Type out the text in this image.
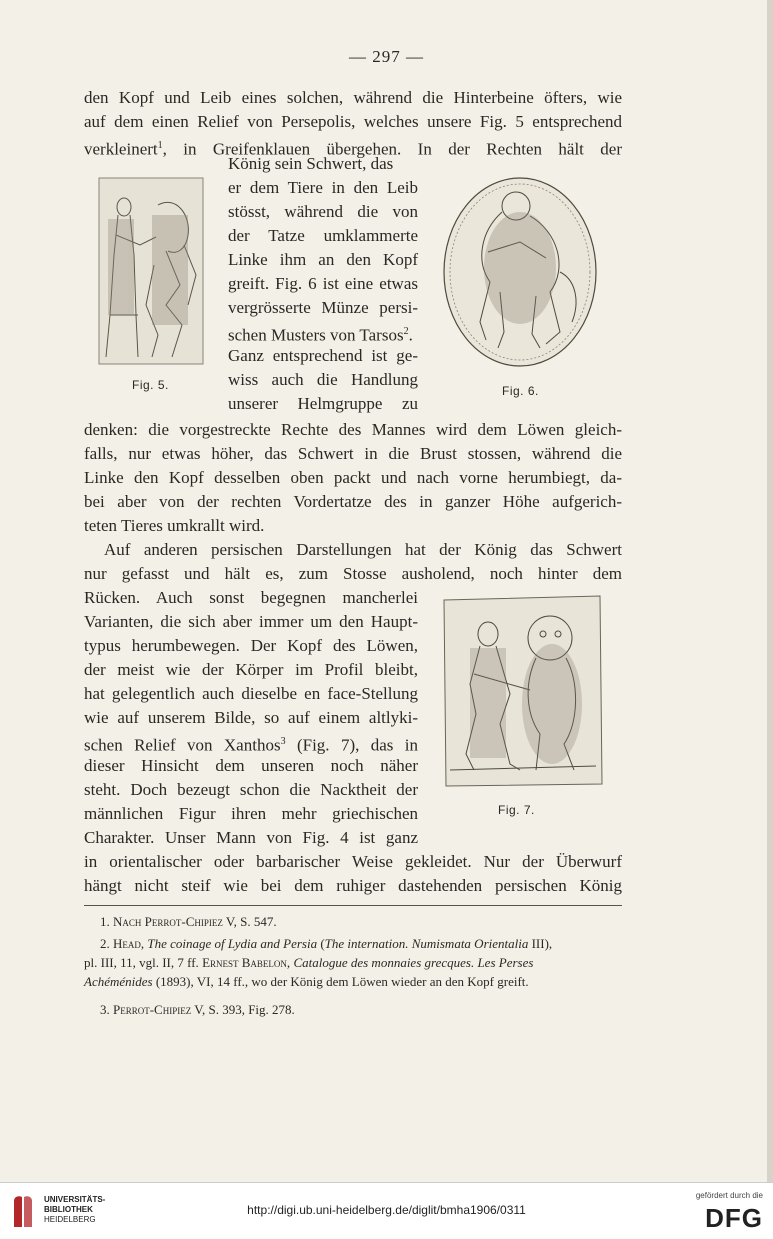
— 297 —
den Kopf und Leib eines solchen, während die Hinterbeine öfters, wie
auf dem einen Relief von Persepolis, welches unsere Fig. 5 entsprechend
verkleinert$^1$, in Greifenklauen übergehen. In der Rechten hält der
Fig. 5.
König sein Schwert, das
er dem Tiere in den Leib
stösst, während die von
der Tatze umklammerte
Linke ihm an den Kopf
greift. Fig. 6 ist eine etwas
vergrösserte Münze persi-
schen Musters von Tarsos$^2$.
Ganz entsprechend ist ge-
wiss auch die Handlung
unserer Helmgruppe zu
Fig. 6.
denken: die vorgestreckte Rechte des Mannes wird dem Löwen gleich-
falls, nur etwas höher, das Schwert in die Brust stossen, während die
Linke den Kopf desselben oben packt und nach vorne herumbiegt, da-
bei aber von der rechten Vordertatze des in ganzer Höhe aufgerich-
teten Tieres umkrallt wird.
Auf anderen persischen Darstellungen hat der König das Schwert
nur gefasst und hält es, zum Stosse ausholend, noch hinter dem
Rücken. Auch sonst begegnen mancherlei
Varianten, die sich aber immer um den Haupt-
typus herumbewegen. Der Kopf des Löwen,
der meist wie der Körper im Profil bleibt,
hat gelegentlich auch dieselbe en face-Stellung
wie auf unserem Bilde, so auf einem altlyki-
schen Relief von Xanthos$^3$ (Fig. 7), das in
dieser Hinsicht dem unseren noch näher
steht. Doch bezeugt schon die Nacktheit der
männlichen Figur ihren mehr griechischen
Charakter. Unser Mann von Fig. 4 ist ganz
Fig. 7.
in orientalischer oder barbarischer Weise gekleidet. Nur der Überwurf
hängt nicht steif wie bei dem ruhiger dastehenden persischen König
1. Nach Perrot-Chipiez V, S. 547.
2. Head, The coinage of Lydia and Persia (The internation. Numismata Orientalia III),
pl. III, 11, vgl. II, 7 ff. Ernest Babelon, Catalogue des monnaies grecques. Les Perses
Achéménides (1893), VI, 14 ff., wo der König dem Löwen wieder an den Kopf greift.
3. Perrot-Chipiez V, S. 393, Fig. 278.
UNIVERSITÄTS-
BIBLIOTHEK
HEIDELBERG
http://digi.ub.uni-heidelberg.de/diglit/bmha1906/0311
gefördert durch die
DFG
